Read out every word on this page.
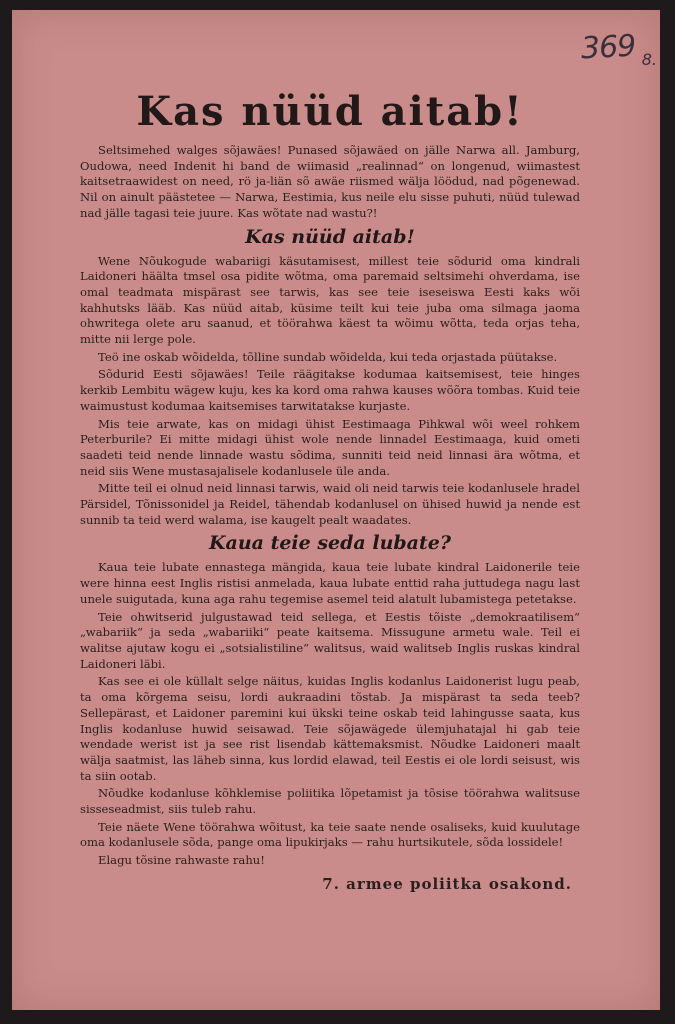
369 8.
Kas nüüd aitab!

Seltsimehed walges sõjawäes! Punased sõjawäed on jälle Narwa all. Jamburg, Oudowa, need Indenit hi band de wiimasid „realinnad“ on longenud, wiimastest kaitsetraawidest on need, rö ja-liän sõ awäe riismed wälja löödud, nad põgenewad. Nil on ainult päästetee — Narwa, Eestimia, kus neile elu sisse puhuti, nüüd tulewad nad jälle tagasi teie juure. Kas wõtate nad wastu?!

Kas nüüd aitab!

Wene Nõukogude wabariigi käsutamisest, millest teie sõdurid oma kindrali Laidoneri häälta tmsel osa pidite wõtma, oma paremaid seltsimehi ohverdama, ise omal teadmata mispärast see tarwis, kas see teie iseseiswa Eesti kaks wõi kahhutsks lääb. Kas nüüd aitab, küsime teilt kui teie juba oma silmaga jaoma ohwritega olete aru saanud, et töörahwa käest ta wõimu wõtta, teda orjas teha, mitte nii lerge pole.

Teö ine oskab wõidelda, tõlline sundab wõidelda, kui teda orjastada püütakse.

Sõdurid Eesti sõjawäes! Teile räägitakse kodumaa kaitsemisest, teie hinges kerkib Lembitu wägew kuju, kes ka kord oma rahwa kauses wõõra tombas. Kuid teie waimustust kodumaa kaitsemises tarwitatakse kurjaste.

Mis teie arwate, kas on midagi ühist Eestimaaga Pihkwal wõi weel rohkem Peterburile? Ei mitte midagi ühist wole nende linnadel Eestimaaga, kuid ometi saadeti teid nende linnade wastu sõdima, sunniti teid neid linnasi ära wõtma, et neid siis Wene mustasajalisele kodanlusele üle anda.

Mitte teil ei olnud neid linnasi tarwis, waid oli neid tarwis teie kodanlusele hradel Pärsidel, Tõnissonidel ja Reidel, tähendab kodanlusel on ühised huwid ja nende est sunnib ta teid werd walama, ise kaugelt pealt waadates.

Kaua teie seda lubate?

Kaua teie lubate ennastega mängida, kaua teie lubate kindral Laidonerile teie were hinna eest Inglis ristisi anmelada, kaua lubate enttid raha juttudega nagu last unele suigutada, kuna aga rahu tegemise asemel teid alatult lubamistega petetakse.

Teie ohwitserid julgustawad teid sellega, et Eestis tõiste „demokraatilisem“ „wabariik“ ja seda „wabariiki“ peate kaitsema. Missugune armetu wale. Teil ei walitse ajutaw kogu ei „sotsialistiline“ walitsus, waid walitseb Inglis ruskas kindral Laidoneri läbi.

Kas see ei ole küllalt selge näitus, kuidas Inglis kodanlus Laidonerist lugu peab, ta oma kõrgema seisu, lordi aukraadini tõstab. Ja mispärast ta seda teeb? Sellepärast, et Laidoner paremini kui ükski teine oskab teid lahingusse saata, kus Inglis kodanluse huwid seisawad. Teie sõjawägede ülemjuhatajal hi gab teie wendade werist ist ja see rist lisendab kättemaksmist. Nõudke Laidoneri maalt wälja saatmist, las läheb sinna, kus lordid elawad, teil Eestis ei ole lordi seisust, wis ta siin ootab.

Nõudke kodanluse kõhklemise poliitika lõpetamist ja tõsise töörahwa walitsuse sisseseadmist, siis tuleb rahu.

Teie näete Wene töörahwa wõitust, ka teie saate nende osaliseks, kuid kuulutage oma kodanlusele sõda, pange oma lipukirjaks — rahu hurtsikutele, sõda lossidele!

Elagu tõsine rahwaste rahu!
7. armee poliitka osakond.
